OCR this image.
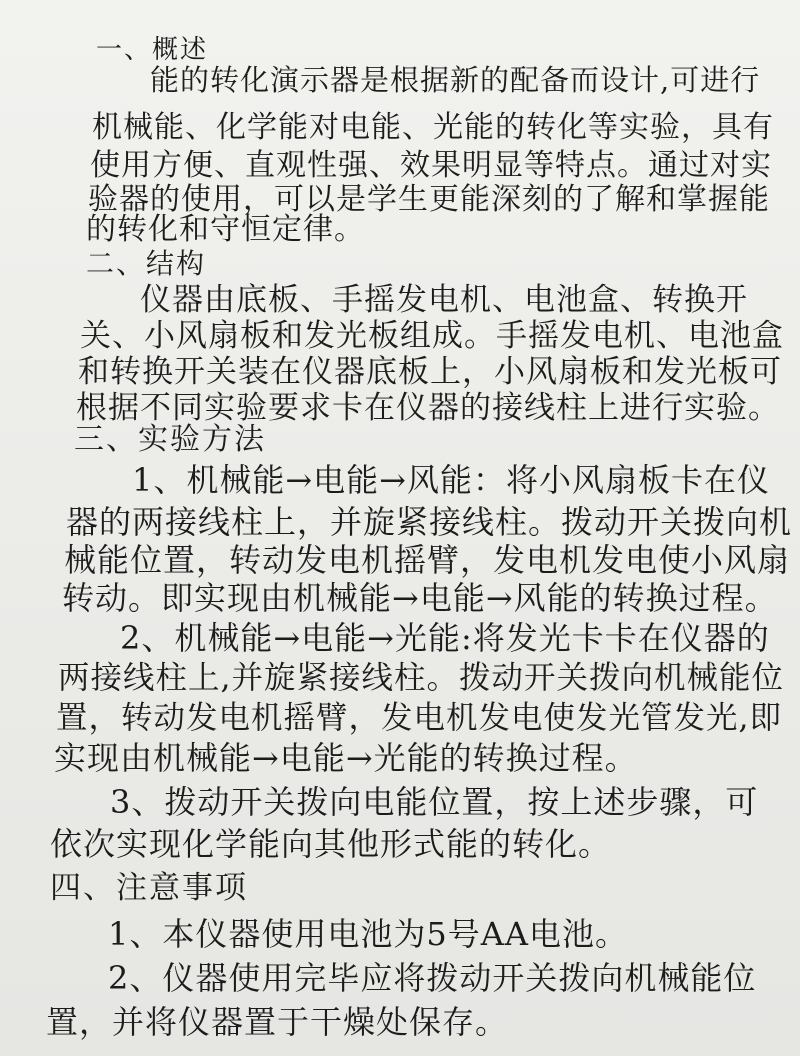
一、概述
能的转化演示器是根据新的配备而设计,可进行
机械能、化学能对电能、光能的转化等实验，具有
使用方便、直观性强、效果明显等特点。通过对实
验器的使用，可以是学生更能深刻的了解和掌握能
的转化和守恒定律。
二、结构
仪器由底板、手摇发电机、电池盒、转换开
关、小风扇板和发光板组成。手摇发电机、电池盒
和转换开关装在仪器底板上，小风扇板和发光板可
根据不同实验要求卡在仪器的接线柱上进行实验。
三、实验方法
1、机械能→电能→风能：将小风扇板卡在仪
器的两接线柱上，并旋紧接线柱。拨动开关拨向机
械能位置，转动发电机摇臂，发电机发电使小风扇
转动。即实现由机械能→电能→风能的转换过程。
2、机械能→电能→光能:将发光卡卡在仪器的
两接线柱上,并旋紧接线柱。拨动开关拨向机械能位
置，转动发电机摇臂，发电机发电使发光管发光,即
实现由机械能→电能→光能的转换过程。
3、拨动开关拨向电能位置，按上述步骤，可
依次实现化学能向其他形式能的转化。
四、注意事项
1、本仪器使用电池为5号AA电池。
2、仪器使用完毕应将拨动开关拨向机械能位
置，并将仪器置于干燥处保存。
